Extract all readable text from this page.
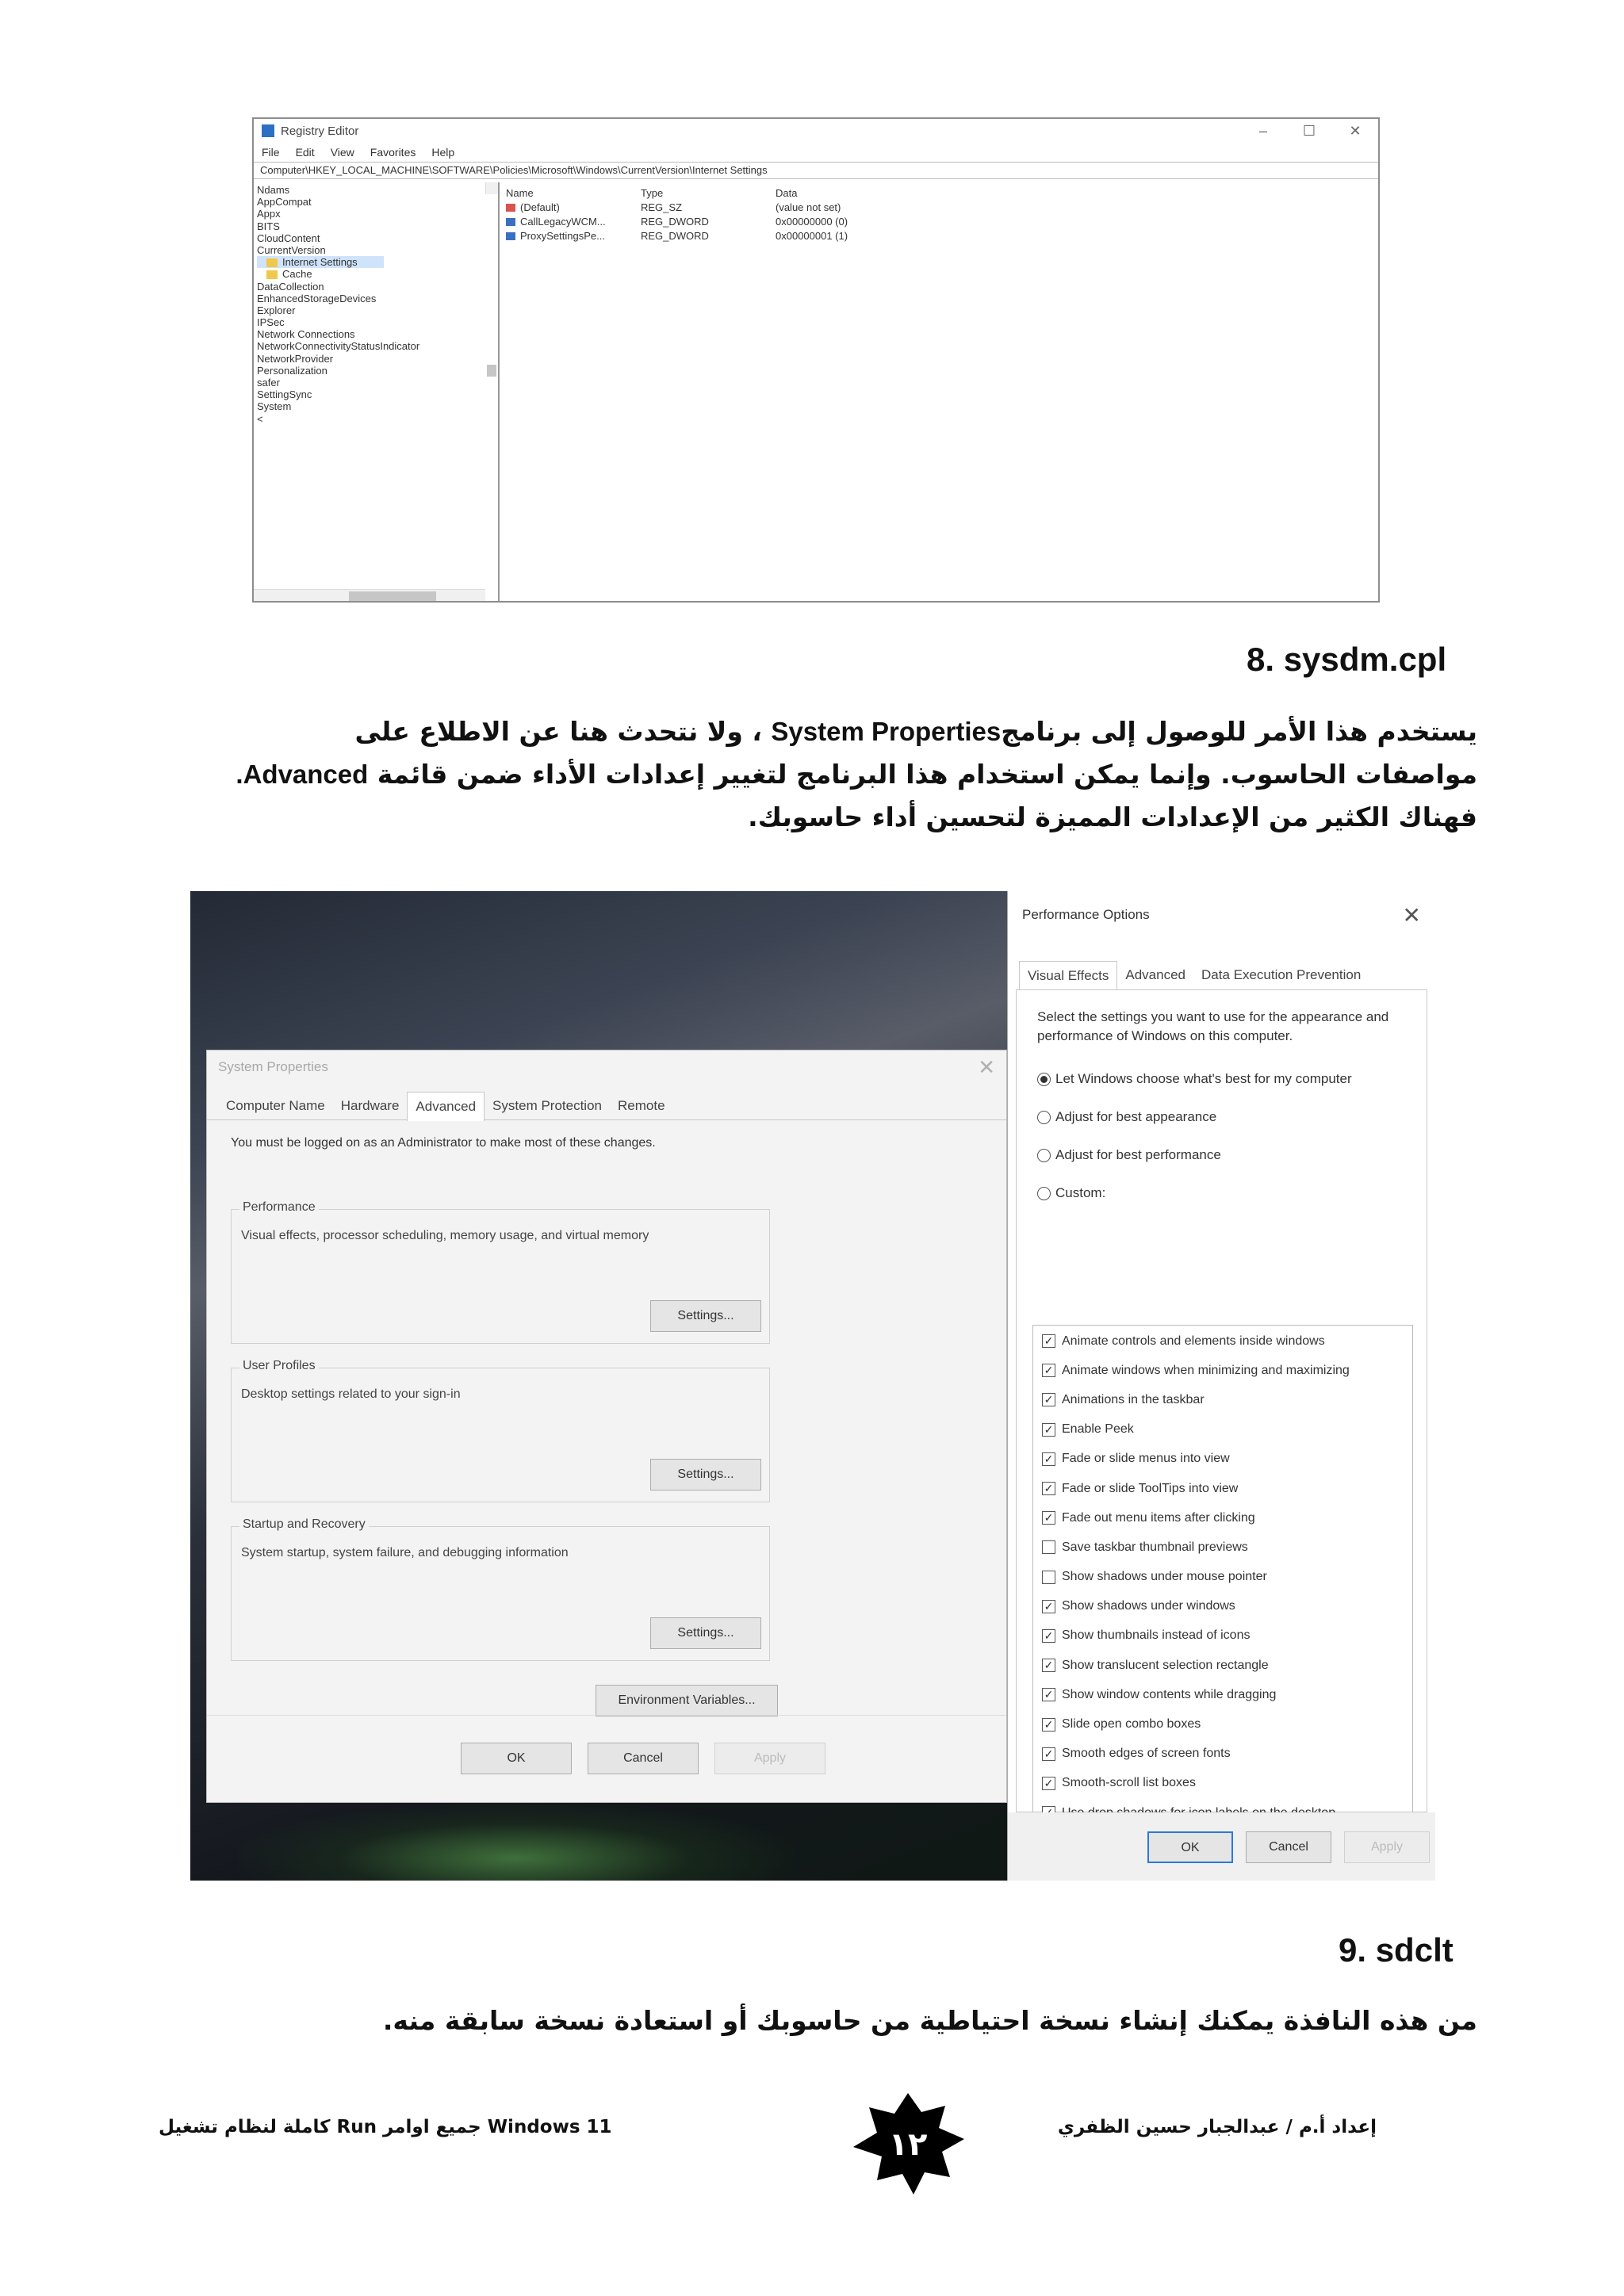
Registry Editor	–	☐	✕
File Edit View Favorites Help
Computer\HKEY_LOCAL_MACHINE\SOFTWARE\Policies\Microsoft\Windows\CurrentVersion\Internet Settings
Ndams
AppCompat
Appx
BITS
CloudContent
CurrentVersion
Internet Settings
Cache
DataCollection
EnhancedStorageDevices
Explorer
IPSec
Network Connections
NetworkConnectivityStatusIndicator
NetworkProvider
Personalization
safer
SettingSync
System
<
Name	Type	Data
(Default)	REG_SZ	(value not set)
CallLegacyWCM...	REG_DWORD	0x00000000 (0)
ProxySettingsPe...	REG_DWORD	0x00000001 (1)
8. sysdm.cpl
يستخدم هذا الأمر للوصول إلى برنامجSystem Properties ، ولا نتحدث هنا عن الاطلاع على
مواصفات الحاسوب. وإنما يمكن استخدام هذا البرنامج لتغيير إعدادات الأداء ضمن قائمة Advanced.
فهناك الكثير من الإعدادات المميزة لتحسين أداء حاسوبك.
System Properties	✕
Computer Name	Hardware	Advanced	System Protection	Remote
You must be logged on as an Administrator to make most of these changes.
Performance
Visual effects, processor scheduling, memory usage, and virtual memory
Settings...
User Profiles
Desktop settings related to your sign-in
Settings...
Startup and Recovery
System startup, system failure, and debugging information
Settings...
Environment Variables...
OK	Cancel	Apply
Performance Options	✕
Visual Effects	Advanced	Data Execution Prevention
Select the settings you want to use for the appearance and performance of Windows on this computer.
Let Windows choose what's best for my computer
Adjust for best appearance
Adjust for best performance
Custom:
✓ Animate controls and elements inside windows
✓ Animate windows when minimizing and maximizing
✓ Animations in the taskbar
✓ Enable Peek
✓ Fade or slide menus into view
✓ Fade or slide ToolTips into view
✓ Fade out menu items after clicking
Save taskbar thumbnail previews
Show shadows under mouse pointer
✓ Show shadows under windows
✓ Show thumbnails instead of icons
✓ Show translucent selection rectangle
✓ Show window contents while dragging
✓ Slide open combo boxes
✓ Smooth edges of screen fonts
✓ Smooth-scroll list boxes
OK	Cancel	Apply
9. sdclt
من هذه النافذة يمكنك إنشاء نسخة احتياطية من حاسوبك أو استعادة نسخة سابقة منه.
Windows 11 جميع اوامر Run كاملة لنظام تشغيل	إعداد أ.م / عبدالجبار حسين الظفري
١٢
